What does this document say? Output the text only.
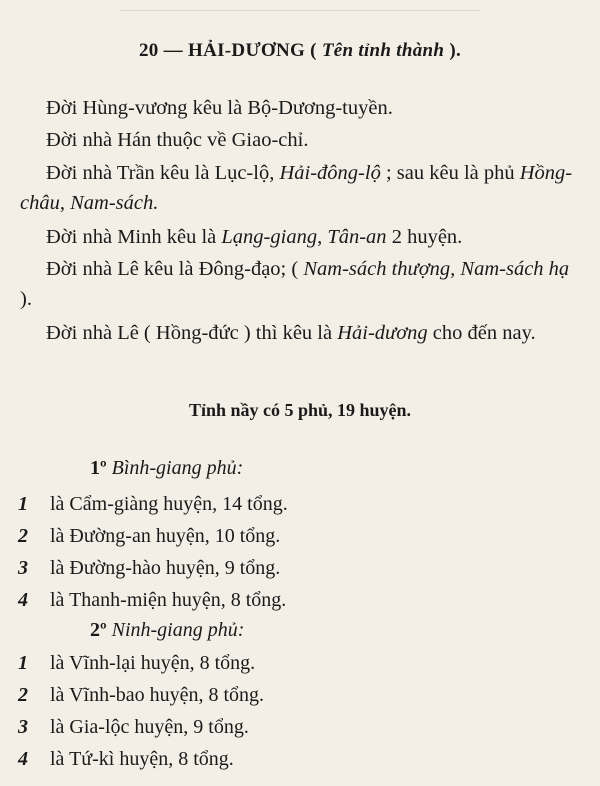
20 — HẢI-DƯƠNG ( Tên tỉnh thành ).
Đời Hùng-vương kêu là Bộ-Dương-tuyền.
Đời nhà Hán thuộc về Giao-chỉ.
Đời nhà Trần kêu là Lục-lộ, Hải-đông-lộ ; sau kêu là phủ Hồng-châu, Nam-sách.
Đời nhà Minh kêu là Lạng-giang, Tân-an 2 huyện.
Đời nhà Lê kêu là Đông-đạo; ( Nam-sách thượng, Nam-sách hạ ).
Đời nhà Lê ( Hồng-đức ) thì kêu là Hải-dương cho đến nay.
Tỉnh nầy có 5 phủ, 19 huyện.
1º Bình-giang phủ:
1 là Cẩm-giàng huyện, 14 tổng.
2 là Đường-an huyện, 10 tổng.
3 là Đường-hào huyện, 9 tổng.
4 là Thanh-miện huyện, 8 tổng.
2º Ninh-giang phủ:
1 là Vĩnh-lại huyện, 8 tổng.
2 là Vĩnh-bao huyện, 8 tổng.
3 là Gia-lộc huyện, 9 tổng.
4 là Tứ-kì huyện, 8 tổng.
